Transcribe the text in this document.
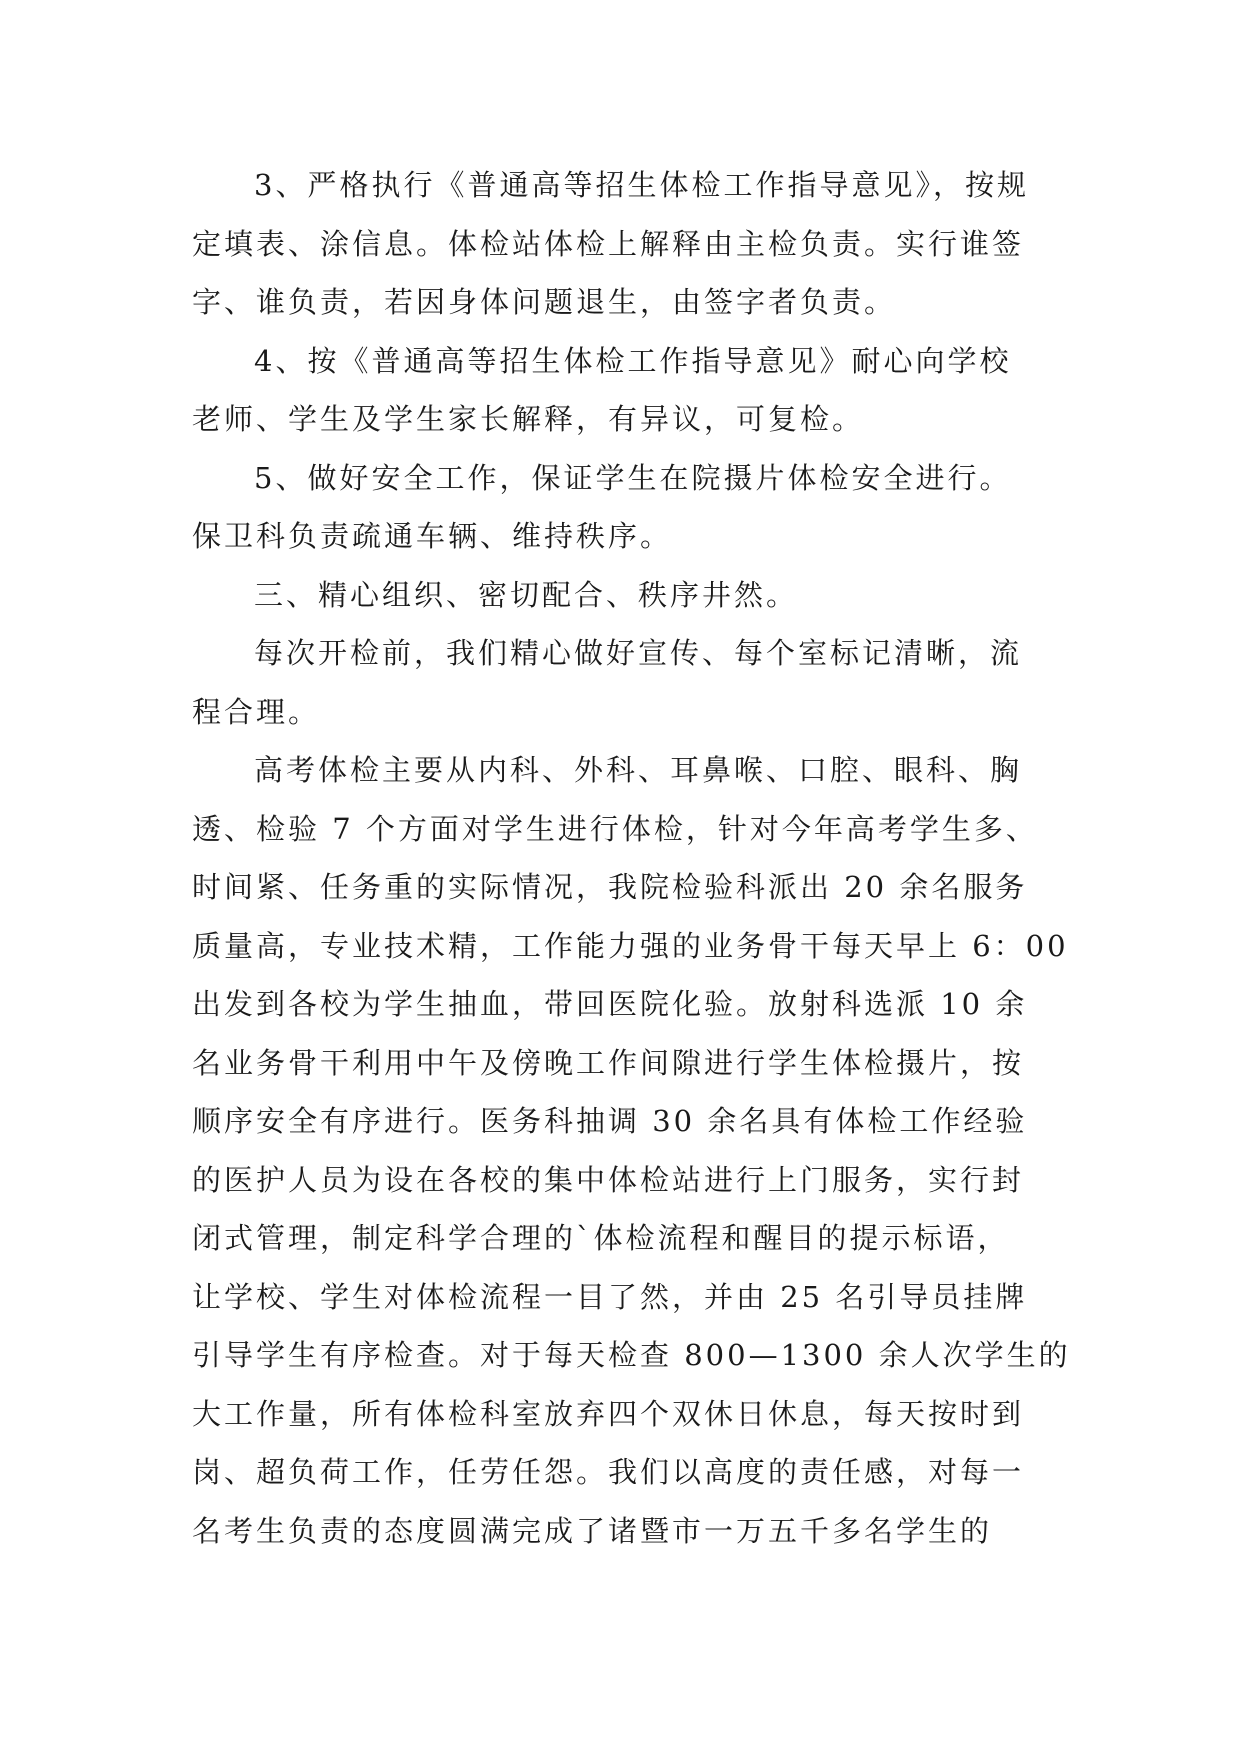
3、严格执行《普通高等招生体检工作指导意见》，按规
定填表、涂信息。体检站体检上解释由主检负责。实行谁签
字、谁负责，若因身体问题退生，由签字者负责。
4、按《普通高等招生体检工作指导意见》耐心向学校
老师、学生及学生家长解释，有异议，可复检。
5、做好安全工作，保证学生在院摄片体检安全进行。
保卫科负责疏通车辆、维持秩序。
三、精心组织、密切配合、秩序井然。
每次开检前，我们精心做好宣传、每个室标记清晰，流
程合理。
高考体检主要从内科、外科、耳鼻喉、口腔、眼科、胸
透、检验 7 个方面对学生进行体检，针对今年高考学生多、
时间紧、任务重的实际情况，我院检验科派出 20 余名服务
质量高，专业技术精，工作能力强的业务骨干每天早上 6：00
出发到各校为学生抽血，带回医院化验。放射科选派 10 余
名业务骨干利用中午及傍晚工作间隙进行学生体检摄片，按
顺序安全有序进行。医务科抽调 30 余名具有体检工作经验
的医护人员为设在各校的集中体检站进行上门服务，实行封
闭式管理，制定科学合理的`体检流程和醒目的提示标语，
让学校、学生对体检流程一目了然，并由 25 名引导员挂牌
引导学生有序检查。对于每天检查 800—1300 余人次学生的
大工作量，所有体检科室放弃四个双休日休息，每天按时到
岗、超负荷工作，任劳任怨。我们以高度的责任感，对每一
名考生负责的态度圆满完成了诸暨市一万五千多名学生的
